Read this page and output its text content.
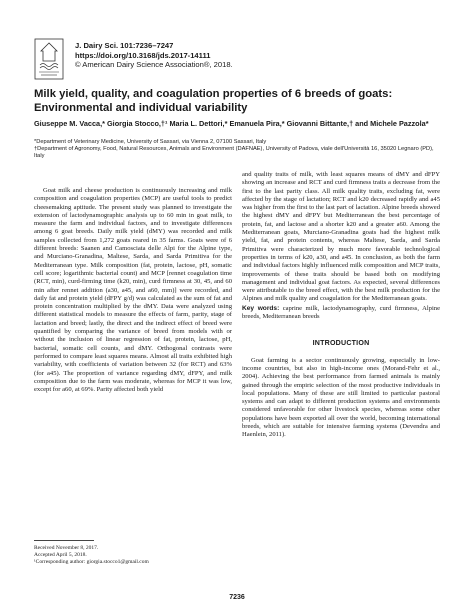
J. Dairy Sci. 101:7236–7247
https://doi.org/10.3168/jds.2017-14111
© American Dairy Science Association®, 2018.
Milk yield, quality, and coagulation properties of 6 breeds of goats: Environmental and individual variability
Giuseppe M. Vacca,* Giorgia Stocco,†¹ Maria L. Dettori,* Emanuela Pira,* Giovanni Bittante,† and Michele Pazzola*
*Department of Veterinary Medicine, University of Sassari, via Vienna 2, 07100 Sassari, Italy
†Department of Agronomy, Food, Natural Resources, Animals and Environment (DAFNAE), University of Padova, viale dell'Università 16, 35020 Legnaro (PD), Italy
Goat milk and cheese production is continuously increasing and milk composition and coagulation properties (MCP) are useful tools to predict cheesemaking aptitude. The present study was planned to investigate the extension of lactodynamographic analysis up to 60 min in goat milk, to measure the farm and individual factors, and to investigate differences among 6 goat breeds. Daily milk yield (dMY) was recorded and milk samples collected from 1,272 goats reared in 35 farms. Goats were of 6 different breeds: Saanen and Camosciata delle Alpi for the Alpine type, and Murciano-Granadina, Maltese, Sarda, and Sarda Primitiva for the Mediterranean type. Milk composition (fat, protein, lactose, pH, somatic cell score; logarithmic bacterial count) and MCP [rennet coagulation time (RCT, min), curd-firming time (k20, min), curd firmness at 30, 45, and 60 min after rennet addition (a30, a45, and a60, mm)] were recorded, and daily fat and protein yield (dFPY g/d) was calculated as the sum of fat and protein concentration multiplied by the dMY. Data were analyzed using different statistical models to measure the effects of farm, parity, stage of lactation and breed; lastly, the direct and the indirect effect of breed were quantified by comparing the variance of breed from models with or without the inclusion of linear regression of fat, protein, lactose, pH, bacterial, somatic cell counts, and dMY. Orthogonal contrasts were performed to compare least squares means. Almost all traits exhibited high variability, with coefficients of variation between 32 (for RCT) and 63% (for a45). The proportion of variance regarding dMY, dFPY, and milk composition due to the farm was moderate, whereas for MCP it was low, except for a60, at 69%. Parity affected both yield
and quality traits of milk, with least squares means of dMY and dFPY showing an increase and RCT and curd firmness traits a decrease from the first to the last parity class. All milk quality traits, excluding fat, were affected by the stage of lactation; RCT and k20 decreased rapidly and a45 was higher from the first to the last part of lactation. Alpine breeds showed the highest dMY and dFPY but Mediterranean the best percentage of protein, fat, and lactose and a shorter k20 and a greater a60. Among the Mediterranean goats, Murciano-Granadina goats had the highest milk yield, fat, and protein contents, whereas Maltese, Sarda, and Sarda Primitiva were characterized by much more favorable technological properties in terms of k20, a30, and a45. In conclusion, as both the farm and individual factors highly influenced milk composition and MCP traits, improvements of these traits should be based both on modifying management and individual goat factors. As expected, several differences were attributable to the breed effect, with the best milk production for the Alpines and milk quality and coagulation for the Mediterranean goats.
Key words: caprine milk, lactodynamography, curd firmness, Alpine breeds, Mediterranean breeds
INTRODUCTION
Goat farming is a sector continuously growing, especially in low-income countries, but also in high-income ones (Morand-Fehr et al., 2004). Achieving the best performance from farmed animals is mainly gained through the empiric selection of the most productive individuals in local populations. Many of these are still limited to particular pastoral systems and can adapt to different production systems and environments considered unfavorable for other livestock species, whereas some other populations have been exported all over the world, becoming international breeds, which are suitable for intensive farming systems (Devendra and Haenlein, 2011).
Received November 8, 2017.
Accepted April 5, 2018.
¹Corresponding author: giorgia.stocco1@gmail.com
7236
